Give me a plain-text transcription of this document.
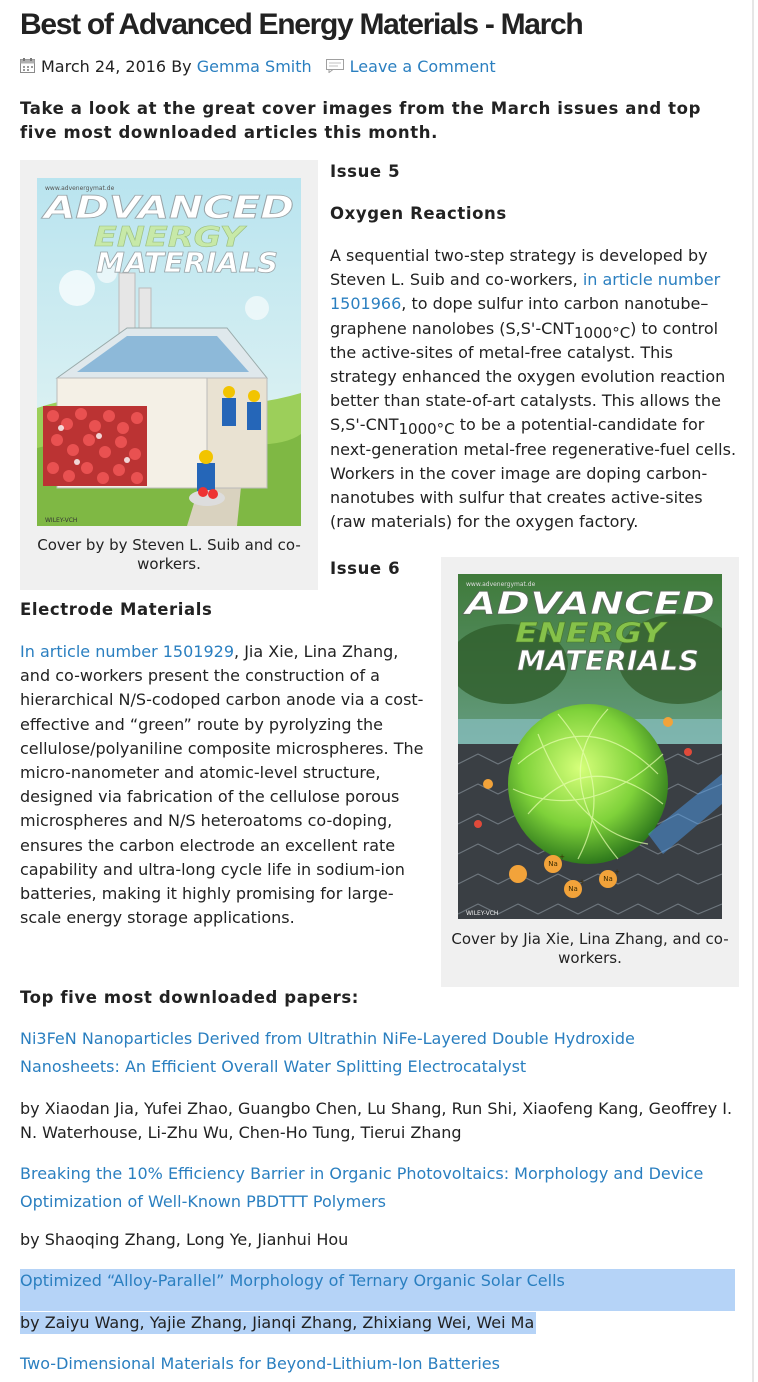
Best of Advanced Energy Materials - March
March 24, 2016 By Gemma Smith Leave a Comment

Take a look at the great cover images from the March issues and top five most downloaded articles this month.

www.advenergymat.de
ADVANCED
ENERGY
MATERIALS
WILEY-VCH

Cover by by Steven L. Suib and co-workers.

Issue 5

Oxygen Reactions

A sequential two-step strategy is developed by Steven L. Suib and co-workers, in article number 1501966, to dope sulfur into carbon nanotube–graphene nanolobes $(S,S'-CNT_{1000^\circ C})$ to control the active-sites of metal-free catalyst. This strategy enhanced the oxygen evolution reaction better than state-of-art catalysts. This allows the $S,S'-CNT_{1000^\circ C}$ to be a potential-candidate for next-generation metal-free regenerative-fuel cells. Workers in the cover image are doping carbon-nanotubes with sulfur that creates active-sites (raw materials) for the oxygen factory.

Issue 6

Na
Na
Na
+
+
+
www.advenergymat.de
ADVANCED
ENERGY
MATERIALS
WILEY-VCH

Cover by Jia Xie, Lina Zhang, and co-workers.

Electrode Materials

In article number 1501929, Jia Xie, Lina Zhang, and co-workers present the construction of a hierarchical N/S-codoped carbon anode via a cost-effective and “green” route by pyrolyzing the cellulose/polyaniline composite microspheres. The micro-nanometer and atomic-level structure, designed via fabrication of the cellulose porous microspheres and N/S heteroatoms co-doping, ensures the carbon electrode an excellent rate capability and ultra-long cycle life in sodium-ion batteries, making it highly promising for large-scale energy storage applications.

Top five most downloaded papers:

Ni3FeN Nanoparticles Derived from Ultrathin NiFe-Layered Double Hydroxide Nanosheets: An Efficient Overall Water Splitting Electrocatalyst

by Xiaodan Jia, Yufei Zhao, Guangbo Chen, Lu Shang, Run Shi, Xiaofeng Kang, Geoffrey I. N. Waterhouse, Li-Zhu Wu, Chen-Ho Tung, Tierui Zhang

Breaking the 10% Efficiency Barrier in Organic Photovoltaics: Morphology and Device Optimization of Well-Known PBDTTT Polymers

by Shaoqing Zhang, Long Ye, Jianhui Hou

Optimized “Alloy-Parallel” Morphology of Ternary Organic Solar Cells

by Zaiyu Wang, Yajie Zhang, Jianqi Zhang, Zhixiang Wei, Wei Ma

Two-Dimensional Materials for Beyond-Lithium-Ion Batteries
